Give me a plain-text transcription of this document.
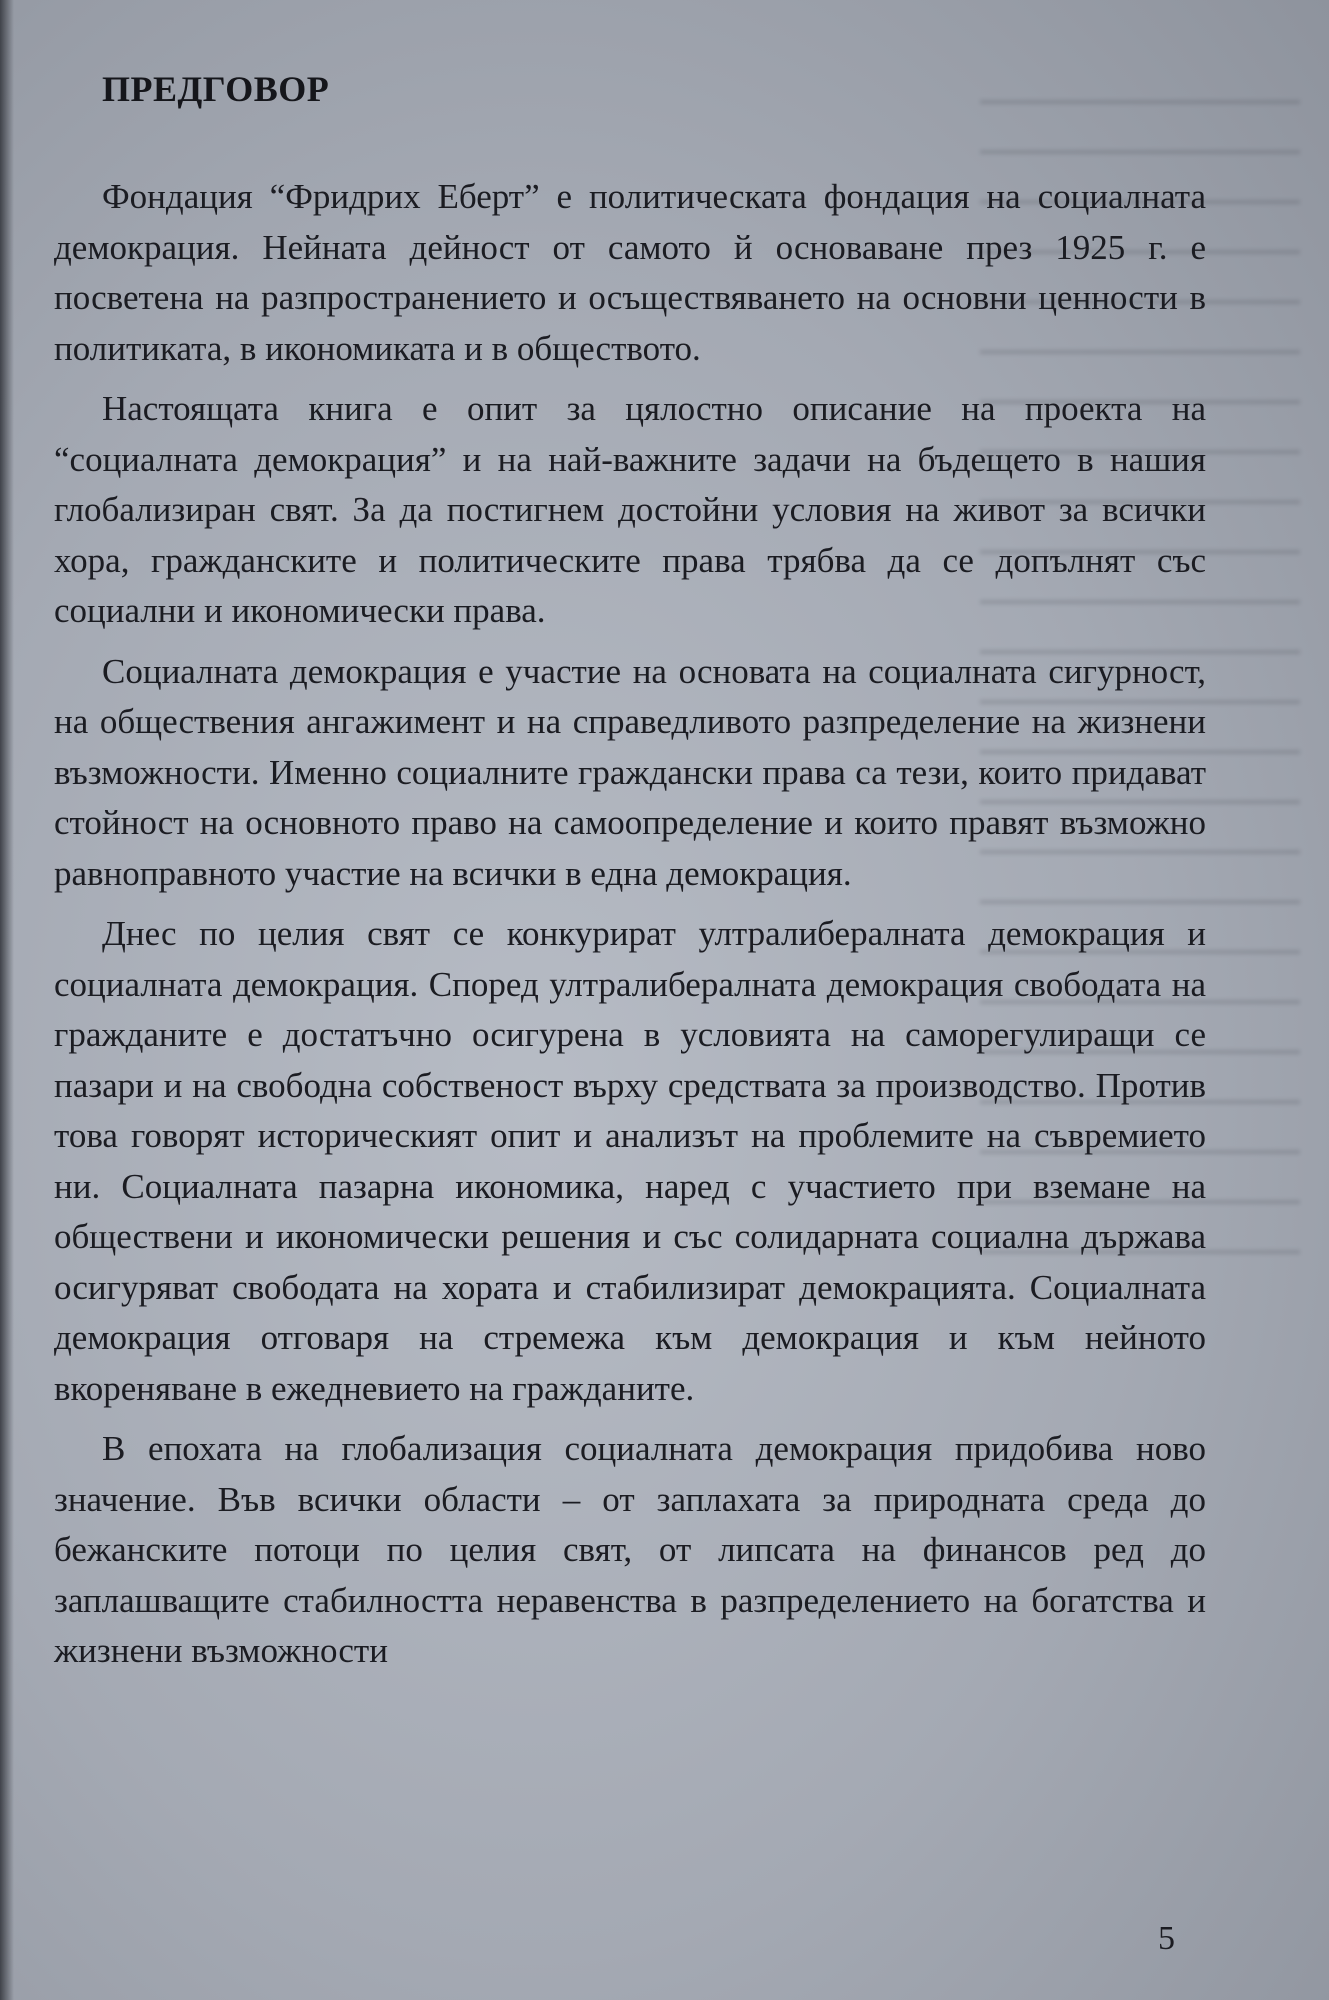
ПРЕДГОВОР

Фондация “Фридрих Еберт” е политическата фондация на социалната демокрация. Нейната дейност от самото й основаване през 1925 г. е посветена на разпространението и осъществяването на основни ценности в политиката, в икономиката и в обществото.

Настоящата книга е опит за цялостно описание на проекта на “социалната демокрация” и на най-важните задачи на бъдещето в нашия глобализиран свят. За да постигнем достойни условия на живот за всички хора, гражданските и политическите права трябва да се допълнят със социални и икономически права.

Социалната демокрация е участие на основата на социалната сигурност, на обществения ангажимент и на справедливото разпределение на жизнени възможности. Именно социалните граждански права са тези, които придават стойност на основното право на самоопределение и които правят възможно равноправното участие на всички в една демокрация.

Днес по целия свят се конкурират ултралибералната демокрация и социалната демокрация. Според ултралибералната демокрация свободата на гражданите е достатъчно осигурена в условията на саморегулиращи се пазари и на свободна собственост върху средствата за производство. Против това говорят историческият опит и анализът на проблемите на съвремието ни. Социалната пазарна икономика, наред с участието при вземане на обществени и икономически решения и със солидарната социална държава осигуряват свободата на хората и стабилизират демокрацията. Социалната демокрация отговаря на стремежа към демокрация и към нейното вкореняване в ежедневието на гражданите.

В епохата на глобализация социалната демокрация придобива ново значение. Във всички области – от заплахата за природната среда до бежанските потоци по целия свят, от липсата на финансов ред до заплашващите стабилността неравенства в разпределението на богатства и жизнени възможности

5
